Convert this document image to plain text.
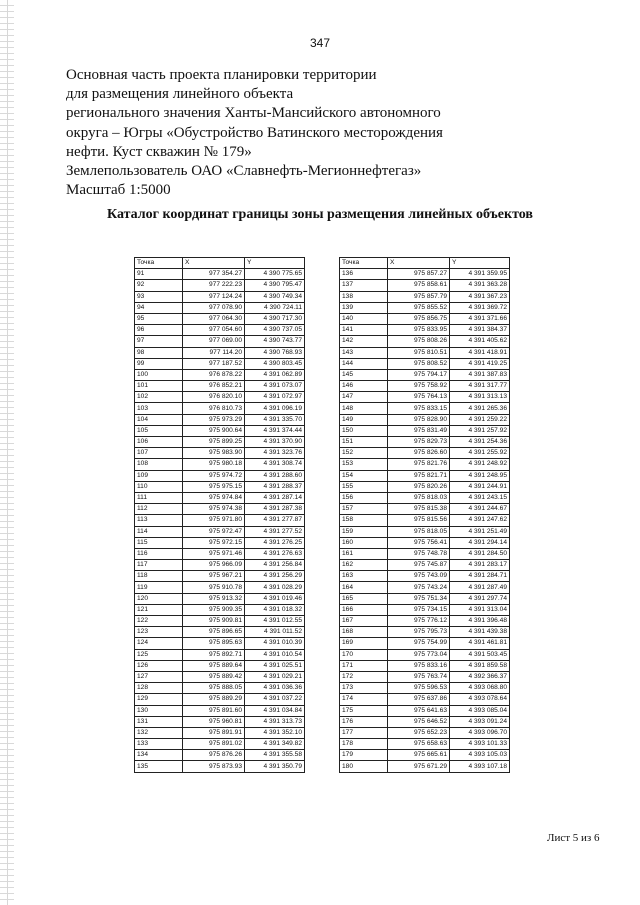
347
Основная часть проекта планировки территории
для размещения линейного объекта
регионального значения Ханты-Мансийского автономного
округа – Югры «Обустройство Ватинского месторождения
нефти. Куст скважин № 179»
Землепользователь ОАО «Славнефть-Мегионнефтегаз»
Масштаб 1:5000
Каталог координат границы зоны размещения линейных объектов
Точка	X	Y
91	977 354.27	4 390 775.65
92	977 222.23	4 390 795.47
93	977 124.24	4 390 749.34
94	977 078.90	4 390 724.11
95	977 064.30	4 390 717.30
96	977 054.60	4 390 737.05
97	977 069.00	4 390 743.77
98	977 114.20	4 390 768.93
99	977 187.52	4 390 803.45
100	976 878.22	4 391 062.89
101	976 852.21	4 391 073.07
102	976 820.10	4 391 072.97
103	976 810.73	4 391 096.19
104	975 973.29	4 391 335.70
105	975 900.64	4 391 374.44
106	975 899.25	4 391 370.90
107	975 983.90	4 391 323.76
108	975 980.18	4 391 308.74
109	975 974.72	4 391 288.60
110	975 975.15	4 391 288.37
111	975 974.84	4 391 287.14
112	975 974.38	4 391 287.38
113	975 971.80	4 391 277.87
114	975 972.47	4 391 277.52
115	975 972.15	4 391 276.25
116	975 971.46	4 391 276.63
117	975 966.09	4 391 256.84
118	975 967.21	4 391 256.29
119	975 910.78	4 391 028.29
120	975 913.32	4 391 019.46
121	975 909.35	4 391 018.32
122	975 909.81	4 391 012.55
123	975 896.65	4 391 011.52
124	975 895.63	4 391 010.39
125	975 892.71	4 391 010.54
126	975 889.64	4 391 025.51
127	975 889.42	4 391 029.21
128	975 888.05	4 391 036.36
129	975 889.29	4 391 037.22
130	975 891.60	4 391 034.84
131	975 960.81	4 391 313.73
132	975 891.91	4 391 352.10
133	975 891.02	4 391 349.82
134	975 876.26	4 391 355.58
135	975 873.93	4 391 350.79
Точка	X	Y
136	975 857.27	4 391 359.95
137	975 858.61	4 391 363.28
138	975 857.79	4 391 367.23
139	975 855.52	4 391 369.72
140	975 856.75	4 391 371.66
141	975 833.95	4 391 384.37
142	975 808.26	4 391 405.62
143	975 810.51	4 391 418.91
144	975 808.52	4 391 419.25
145	975 794.17	4 391 387.83
146	975 758.92	4 391 317.77
147	975 764.13	4 391 313.13
148	975 833.15	4 391 265.36
149	975 828.90	4 391 259.22
150	975 831.49	4 391 257.92
151	975 829.73	4 391 254.36
152	975 826.60	4 391 255.92
153	975 821.76	4 391 248.92
154	975 821.71	4 391 248.95
155	975 820.26	4 391 244.91
156	975 818.03	4 391 243.15
157	975 815.38	4 391 244.67
158	975 815.56	4 391 247.62
159	975 818.05	4 391 251.49
160	975 756.41	4 391 294.14
161	975 748.78	4 391 284.50
162	975 745.87	4 391 283.17
163	975 743.09	4 391 284.71
164	975 743.24	4 391 287.49
165	975 751.34	4 391 297.74
166	975 734.15	4 391 313.04
167	975 776.12	4 391 396.48
168	975 795.73	4 391 439.38
169	975 754.99	4 391 461.81
170	975 773.04	4 391 503.45
171	975 833.16	4 391 859.58
172	975 763.74	4 392 366.37
173	975 596.53	4 393 068.80
174	975 637.86	4 393 078.64
175	975 641.63	4 393 085.04
176	975 646.52	4 393 091.24
177	975 652.23	4 393 096.70
178	975 658.63	4 393 101.33
179	975 665.61	4 393 105.03
180	975 671.29	4 393 107.18
Лист 5 из 6
